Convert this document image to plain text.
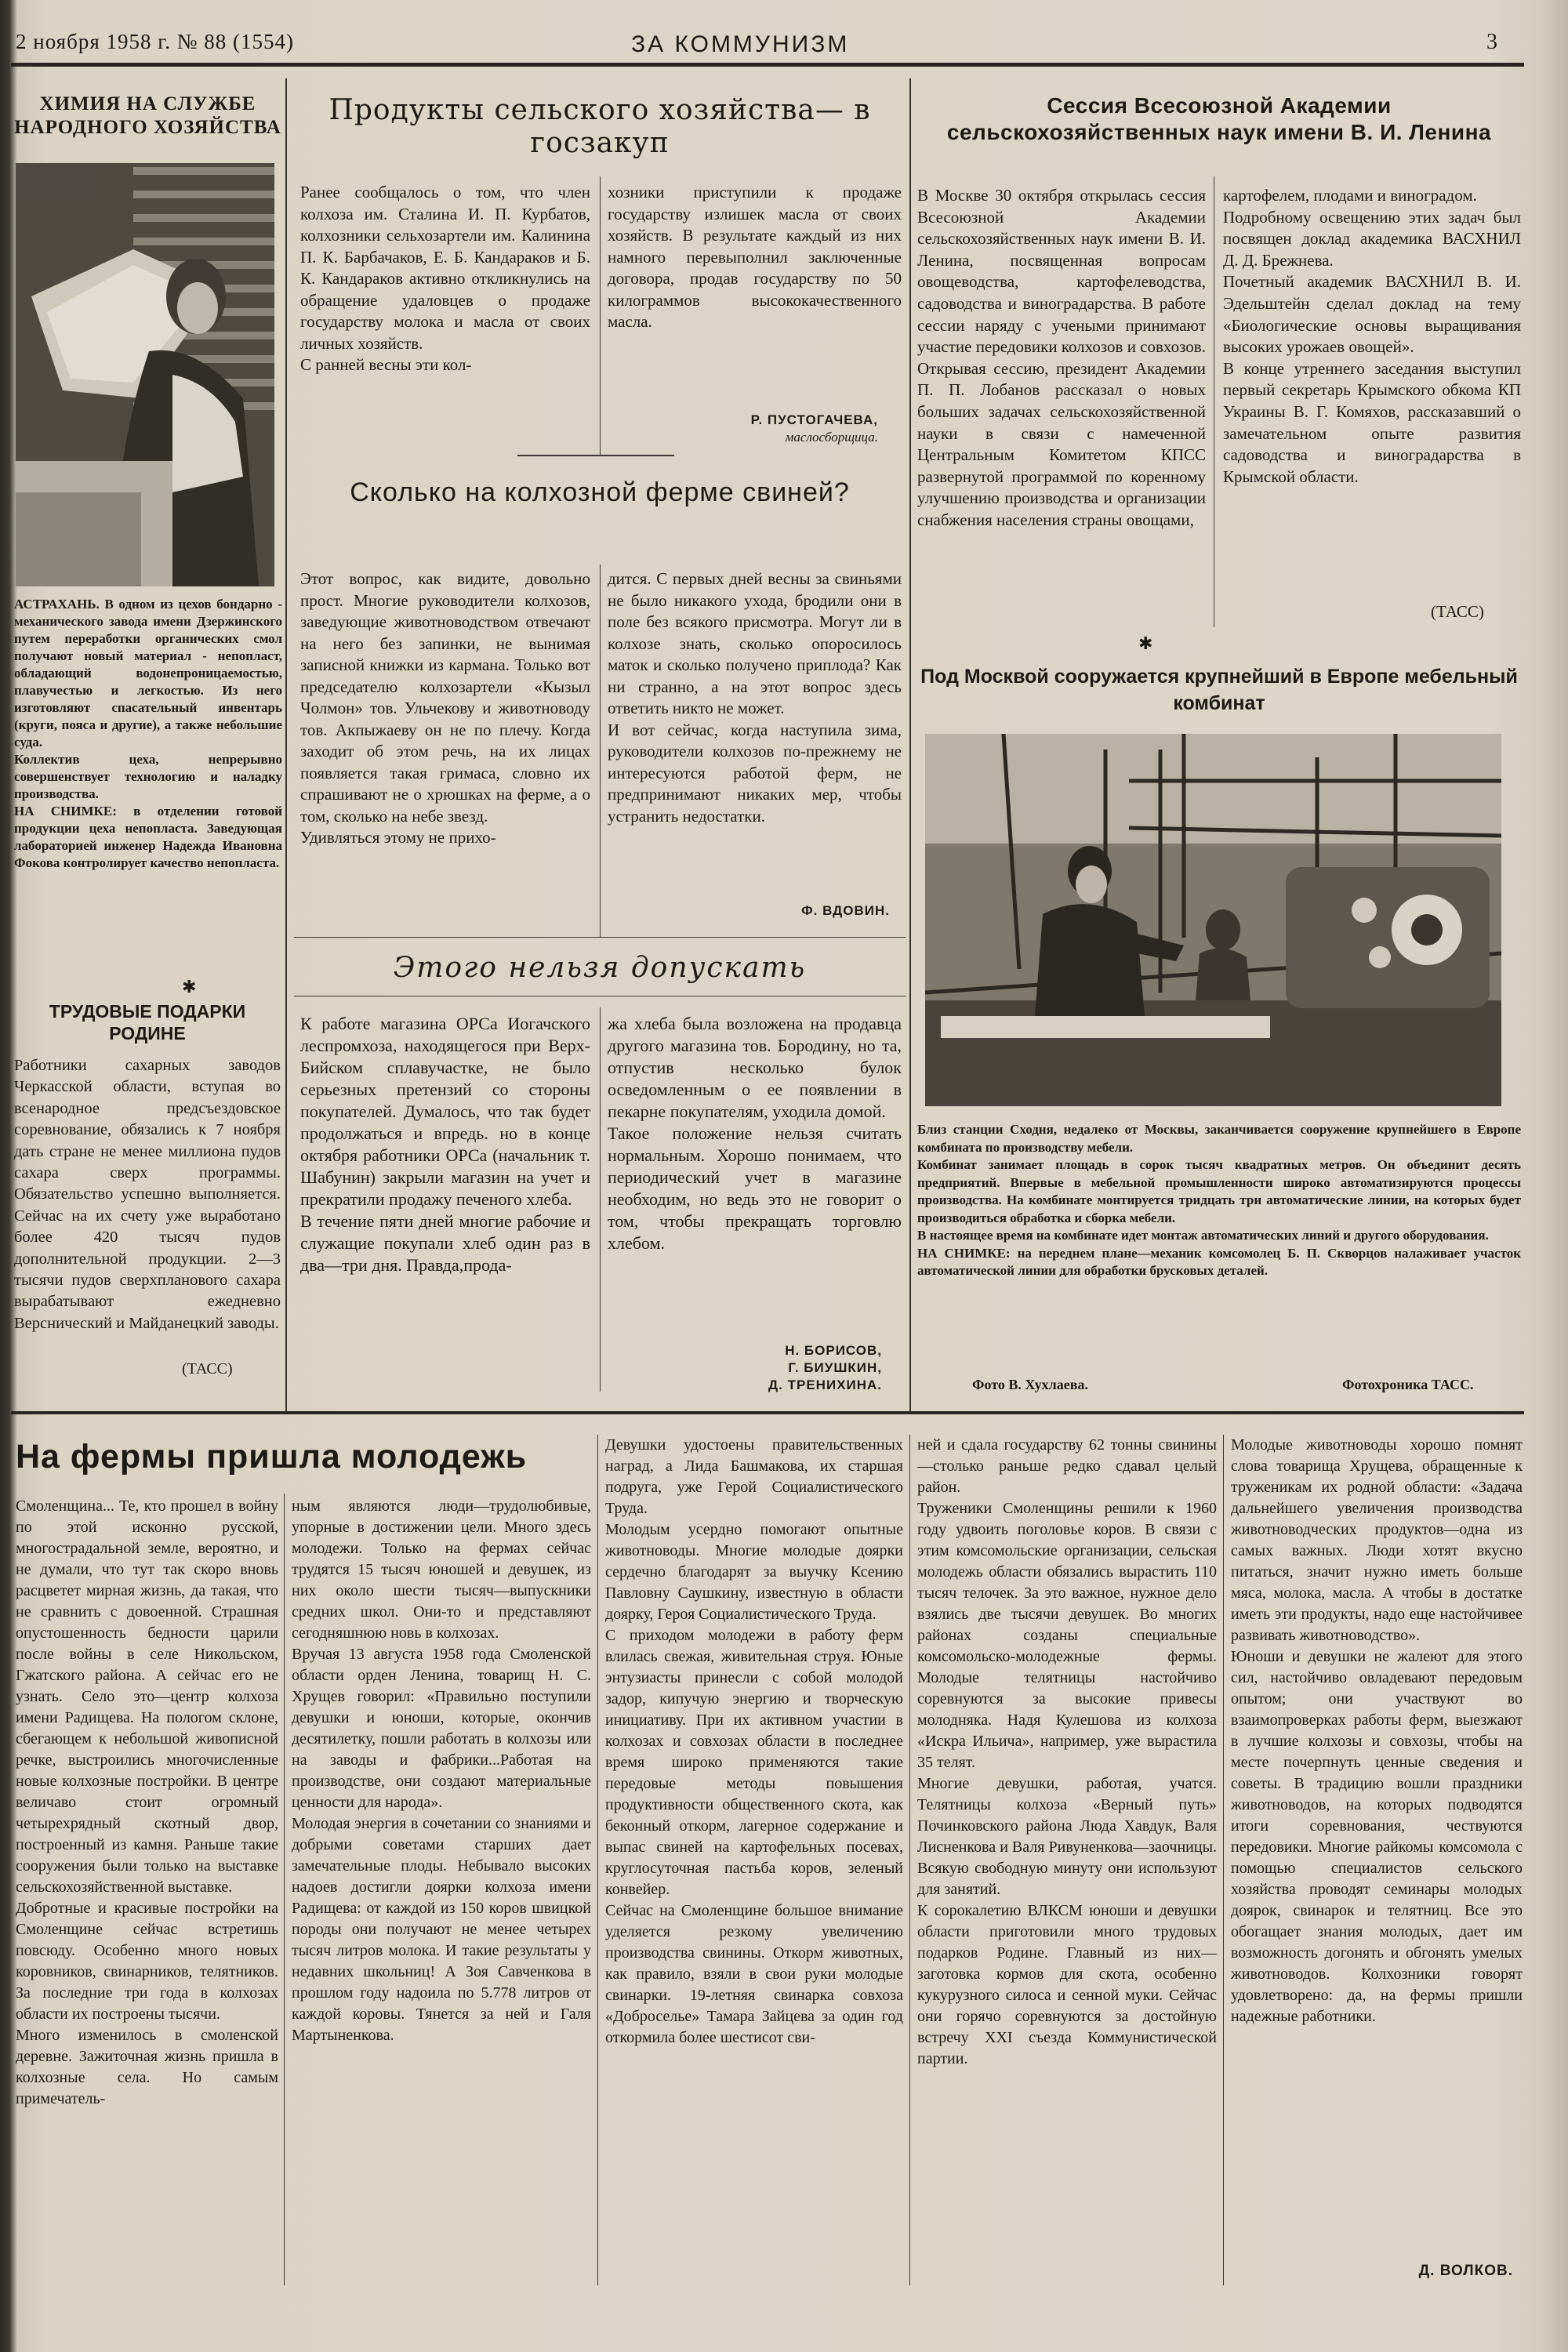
2 ноября 1958 г. № 88 (1554)	ЗА КОММУНИЗМ	3
ХИМИЯ НА СЛУЖБЕ НАРОДНОГО ХОЗЯЙСТВА
АСТРАХАНЬ. В одном из цехов бондарно - механического завода имени Дзержинского путем переработки органических смол получают новый материал - непопласт, обладающий водонепроницаемостью, плавучестью и легкостью. Из него изготовляют спасательный инвентарь (круги, пояса и другие), а также небольшие суда.
Коллектив цеха, непрерывно совершенствует технологию и наладку производства.
НА СНИМКЕ: в отделении готовой продукции цеха непопласта. Заведующая лабораторией инженер Надежда Ивановна Фокова контролирует качество непопласта.
✱
ТРУДОВЫЕ ПОДАРКИ РОДИНЕ
Работники сахарных заводов Черкасской области, вступая во всенародное предсъездовское соревнование, обязались к 7 ноября дать стране не менее миллиона пудов сахара сверх программы. Обязательство успешно выполняется. Сейчас на их счету уже выработано более 420 тысяч пудов дополнительной продукции. 2—3 тысячи пудов сверхпланового сахара вырабатывают ежедневно Верснический и Майданецкий заводы.
(ТАСС)
Продукты сельского хозяйства— в госзакуп
Ранее сообщалось о том, что член колхоза им. Сталина И. П. Курбатов, колхозники сельхозартели им. Калинина П. К. Барбачаков, Е. Б. Кандараков и Б. К. Кандараков активно откликнулись на обращение удаловцев о продаже государству молока и масла от своих личных хозяйств.
С ранней весны эти кол-
хозники приступили к продаже государству излишек масла от своих хозяйств. В результате каждый из них намного перевыполнил заключенные договора, продав государству по 50 килограммов высококачественного масла.
Р. ПУСТОГАЧЕВА,
маслосборщица.
Сколько на колхозной ферме свиней?
Этот вопрос, как видите, довольно прост. Многие руководители колхозов, заведующие животноводством отвечают на него без запинки, не вынимая записной книжки из кармана. Только вот председателю колхозартели «Кызыл Чолмон» тов. Ульчекову и животноводу тов. Акпыжаеву он не по плечу. Когда заходит об этом речь, на их лицах появляется такая гримаса, словно их спрашивают не о хрюшках на ферме, а о том, сколько на небе звезд.
Удивляться этому не прихо-
дится. С первых дней весны за свиньями не было никакого ухода, бродили они в поле без всякого присмотра. Могут ли в колхозе знать, сколько опоросилось маток и сколько получено приплода? Как ни странно, а на этот вопрос здесь ответить никто не может.
И вот сейчас, когда наступила зима, руководители колхозов по-прежнему не интересуются работой ферм, не предпринимают никаких мер, чтобы устранить недостатки.
Ф. ВДОВИН.
Этого нельзя допускать
К работе магазина ОРСа Иогачского леспромхоза, находящегося при Верх-Бийском сплавучастке, не было серьезных претензий со стороны покупателей. Думалось, что так будет продолжаться и впредь. но в конце октября работники ОРСа (начальник т. Шабунин) закрыли магазин на учет и прекратили продажу печеного хлеба.
В течение пяти дней многие рабочие и служащие покупали хлеб один раз в два—три дня. Правда,прода-
жа хлеба была возложена на продавца другого магазина тов. Бородину, но та, отпустив несколько булок осведомленным о ее появлении в пекарне покупателям, уходила домой.
Такое положение нельзя считать нормальным. Хорошо понимаем, что периодический учет в магазине необходим, но ведь это не говорит о том, чтобы прекращать торговлю хлебом.
Н. БОРИСОВ,
Г. БИУШКИН,
Д. ТРЕНИХИНА.
Сессия Всесоюзной Академии сельскохозяйственных наук имени В. И. Ленина
В Москве 30 октября открылась сессия Всесоюзной Академии сельскохозяйственных наук имени В. И. Ленина, посвященная вопросам овощеводства, картофелеводства, садоводства и виноградарства. В работе сессии наряду с учеными принимают участие передовики колхозов и совхозов.
Открывая сессию, президент Академии П. П. Лобанов рассказал о новых больших задачах сельскохозяйственной науки в связи с намеченной Центральным Комитетом КПСС развернутой программой по коренному улучшению производства и организации снабжения населения страны овощами,
картофелем, плодами и виноградом.
Подробному освещению этих задач был посвящен доклад академика ВАСХНИЛ Д. Д. Брежнева.
Почетный академик ВАСХНИЛ В. И. Эдельштейн сделал доклад на тему «Биологические основы выращивания высоких урожаев овощей».
В конце утреннего заседания выступил первый секретарь Крымского обкома КП Украины В. Г. Комяхов, рассказавший о замечательном опыте развития садоводства и виноградарства в Крымской области.
(ТАСС)
✱
Под Москвой сооружается крупнейший в Европе мебельный комбинат
Близ станции Сходня, недалеко от Москвы, заканчивается сооружение крупнейшего в Европе комбината по производству мебели.
Комбинат занимает площадь в сорок тысяч квадратных метров. Он объединит десять предприятий. Впервые в мебельной промышленности широко автоматизируются процессы производства. На комбинате монтируется тридцать три автоматические линии, на которых будет производиться обработка и сборка мебели.
В настоящее время на комбинате идет монтаж автоматических линий и другого оборудования.
НА СНИМКЕ: на переднем плане—механик комсомолец Б. П. Скворцов налаживает участок автоматической линии для обработки брусковых деталей.
Фото В. Хухлаева.	Фотохроника ТАСС.
На фермы пришла молодежь
Смоленщина... Те, кто прошел в войну по этой исконно русской, многострадальной земле, вероятно, и не думали, что тут так скоро вновь расцветет мирная жизнь, да такая, что не сравнить с довоенной. Страшная опустошенность бедности царили после войны в селе Никольском, Гжатского района. А сейчас его не узнать. Село это—центр колхоза имени Радищева. На пологом склоне, сбегающем к небольшой живописной речке, выстроились многочисленные новые колхозные постройки. В центре величаво стоит огромный четырехрядный скотный двор, построенный из камня. Раньше такие сооружения были только на выставке сельскохозяйственной выставке.
Добротные и красивые постройки на Смоленщине сейчас встретишь повсюду. Особенно много новых коровников, свинарников, телятников. За последние три года в колхозах области их построены тысячи.
Много изменилось в смоленской деревне. Зажиточная жизнь пришла в колхозные села. Но самым примечатель-
ным являются люди—трудолюбивые, упорные в достижении цели. Много здесь молодежи. Только на фермах сейчас трудятся 15 тысяч юношей и девушек, из них около шести тысяч—выпускники средних школ. Они-то и представляют сегодняшнюю новь в колхозах.
Вручая 13 августа 1958 года Смоленской области орден Ленина, товарищ Н. С. Хрущев говорил: «Правильно поступили девушки и юноши, которые, окончив десятилетку, пошли работать в колхозы или на заводы и фабрики...Работая на производстве, они создают материальные ценности для народа».
Молодая энергия в сочетании со знаниями и добрыми советами старших дает замечательные плоды. Небывало высоких надоев достигли доярки колхоза имени Радищева: от каждой из 150 коров швицкой породы они получают не менее четырех тысяч литров молока. И такие результаты у недавних школьниц! А Зоя Савченкова в прошлом году надоила по 5.778 литров от каждой коровы. Тянется за ней и Галя Мартыненкова.
Девушки удостоены правительственных наград, а Лида Башмакова, их старшая подруга, уже Герой Социалистического Труда.
Молодым усердно помогают опытные животноводы. Многие молодые доярки сердечно благодарят за выучку Ксению Павловну Саушкину, известную в области доярку, Героя Социалистического Труда.
С приходом молодежи в работу ферм влилась свежая, живительная струя. Юные энтузиасты принесли с собой молодой задор, кипучую энергию и творческую инициативу. При их активном участии в колхозах и совхозах области в последнее время широко применяются такие передовые методы повышения продуктивности общественного скота, как беконный откорм, лагерное содержание и выпас свиней на картофельных посевах, круглосуточная пастьба коров, зеленый конвейер.
Сейчас на Смоленщине большое внимание уделяется резкому увеличению производства свинины. Откорм животных, как правило, взяли в свои руки молодые свинарки. 19-летняя свинарка совхоза «Доброселье» Тамара Зайцева за один год откормила более шестисот сви-
ней и сдала государству 62 тонны свинины—столько раньше редко сдавал целый район.
Труженики Смоленщины решили к 1960 году удвоить поголовье коров. В связи с этим комсомольские организации, сельская молодежь области обязались вырастить 110 тысяч телочек. За это важное, нужное дело взялись две тысячи девушек. Во многих районах созданы специальные комсомольско-молодежные фермы. Молодые телятницы настойчиво соревнуются за высокие привесы молодняка. Надя Кулешова из колхоза «Искра Ильича», например, уже вырастила 35 телят.
Многие девушки, работая, учатся. Телятницы колхоза «Верный путь» Починковского района Люда Хавдук, Валя Лисненкова и Валя Ривуненкова—заочницы. Всякую свободную минуту они используют для занятий.
К сорокалетию ВЛКСМ юноши и девушки области приготовили много трудовых подарков Родине. Главный из них—заготовка кормов для скота, особенно кукурузного силоса и сенной муки. Сейчас они горячо соревнуются за достойную встречу XXI съезда Коммунистической партии.
Молодые животноводы хорошо помнят слова товарища Хрущева, обращенные к труженикам их родной области: «Задача дальнейшего увеличения производства животноводческих продуктов—одна из самых важных. Люди хотят вкусно питаться, значит нужно иметь больше мяса, молока, масла. А чтобы в достатке иметь эти продукты, надо еще настойчивее развивать животноводство».
Юноши и девушки не жалеют для этого сил, настойчиво овладевают передовым опытом; они участвуют во взаимопроверках работы ферм, выезжают в лучшие колхозы и совхозы, чтобы на месте почерпнуть ценные сведения и советы. В традицию вошли праздники животноводов, на которых подводятся итоги соревнования, чествуются передовики. Многие райкомы комсомола с помощью специалистов сельского хозяйства проводят семинары молодых доярок, свинарок и телятниц. Все это обогащает знания молодых, дает им возможность догонять и обгонять умелых животноводов. Колхозники говорят удовлетворено: да, на фермы пришли надежные работники.
Д. ВОЛКОВ.
